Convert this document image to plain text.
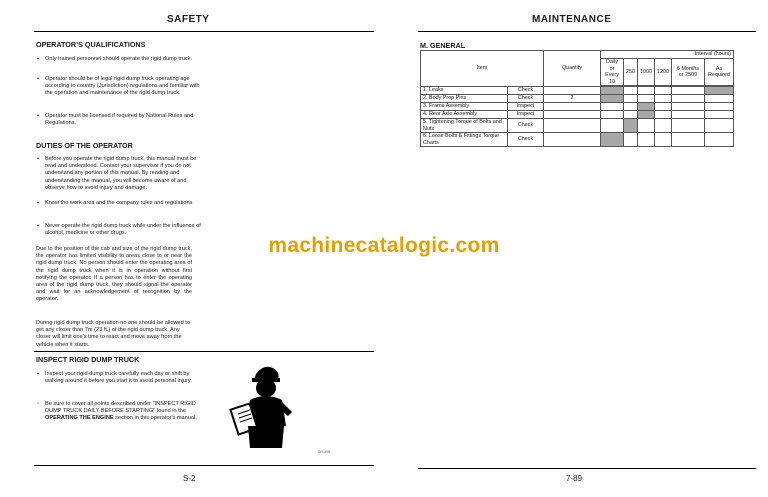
SAFETY
OPERATOR’S QUALIFICATIONS
• Only trained personnel should operate the rigid dump truck.
• Operator should be of legal rigid dump truck operating age according to country (Jurisdiction) regulations and familiar with the operation and maintenance of the rigid dump truck.
• Operator must be licensed if required by National Rules and Regulations.
DUTIES OF THE OPERATOR
• Before you operate the rigid dump truck, this manual must be read and understood. Contact your supervisor if you do not understand any portion of this manual. By reading and understanding the manual, you will become aware of and observe how to avoid injury and damage.
• Know the work area and the company rules and regulations
• Never operate the rigid dump truck while under the influence of alcohol, medicine or other drugs.
Due to the position of the cab and size of the rigid dump truck, the operator has limited visibility to areas close to or near the rigid dump truck. No person should enter the operating area of the rigid dump truck when it is in operation without first notifying the operator. If a person has to enter the operating area of the rigid dump truck, they should signal the operator and wait for an acknowledgement of recognition by the operator.
During rigid dump truck operation no one should be allowed to get any closer than 7m (23 ft.) of the rigid dump truck. Any closer will limit one's time to react and move away from the vehicle when it starts.
INSPECT RIGID DUMP TRUCK
• Inspect your rigid dump truck carefully each day or shift by walking around it before you start it to avoid personal injury.
◦ Be sure to cover all points described under "INSPECT RIGID DUMP TRUCK DAILY BEFORE STARTING" found in the OPERATING THE ENGINE section in this operator's manual.
SR-308
S-2
MAINTENANCE
M. GENERAL
7-89
Item		Quantity	Interval (hours)					
			Daily or Every 10	250	1000	1200	6 Months or 2500	As Required

1. Leaks	Check							
2. Body Prop Pins	Check	2						
3. Frame Assembly	Inspect							
4. Rear Axle Assembly	Inspect							
5. Tightening Torque of Bolts and Nuts	Check							
6. Loose Bolts & Fittings Torque Charts	Check							
machinecatalogic.com
